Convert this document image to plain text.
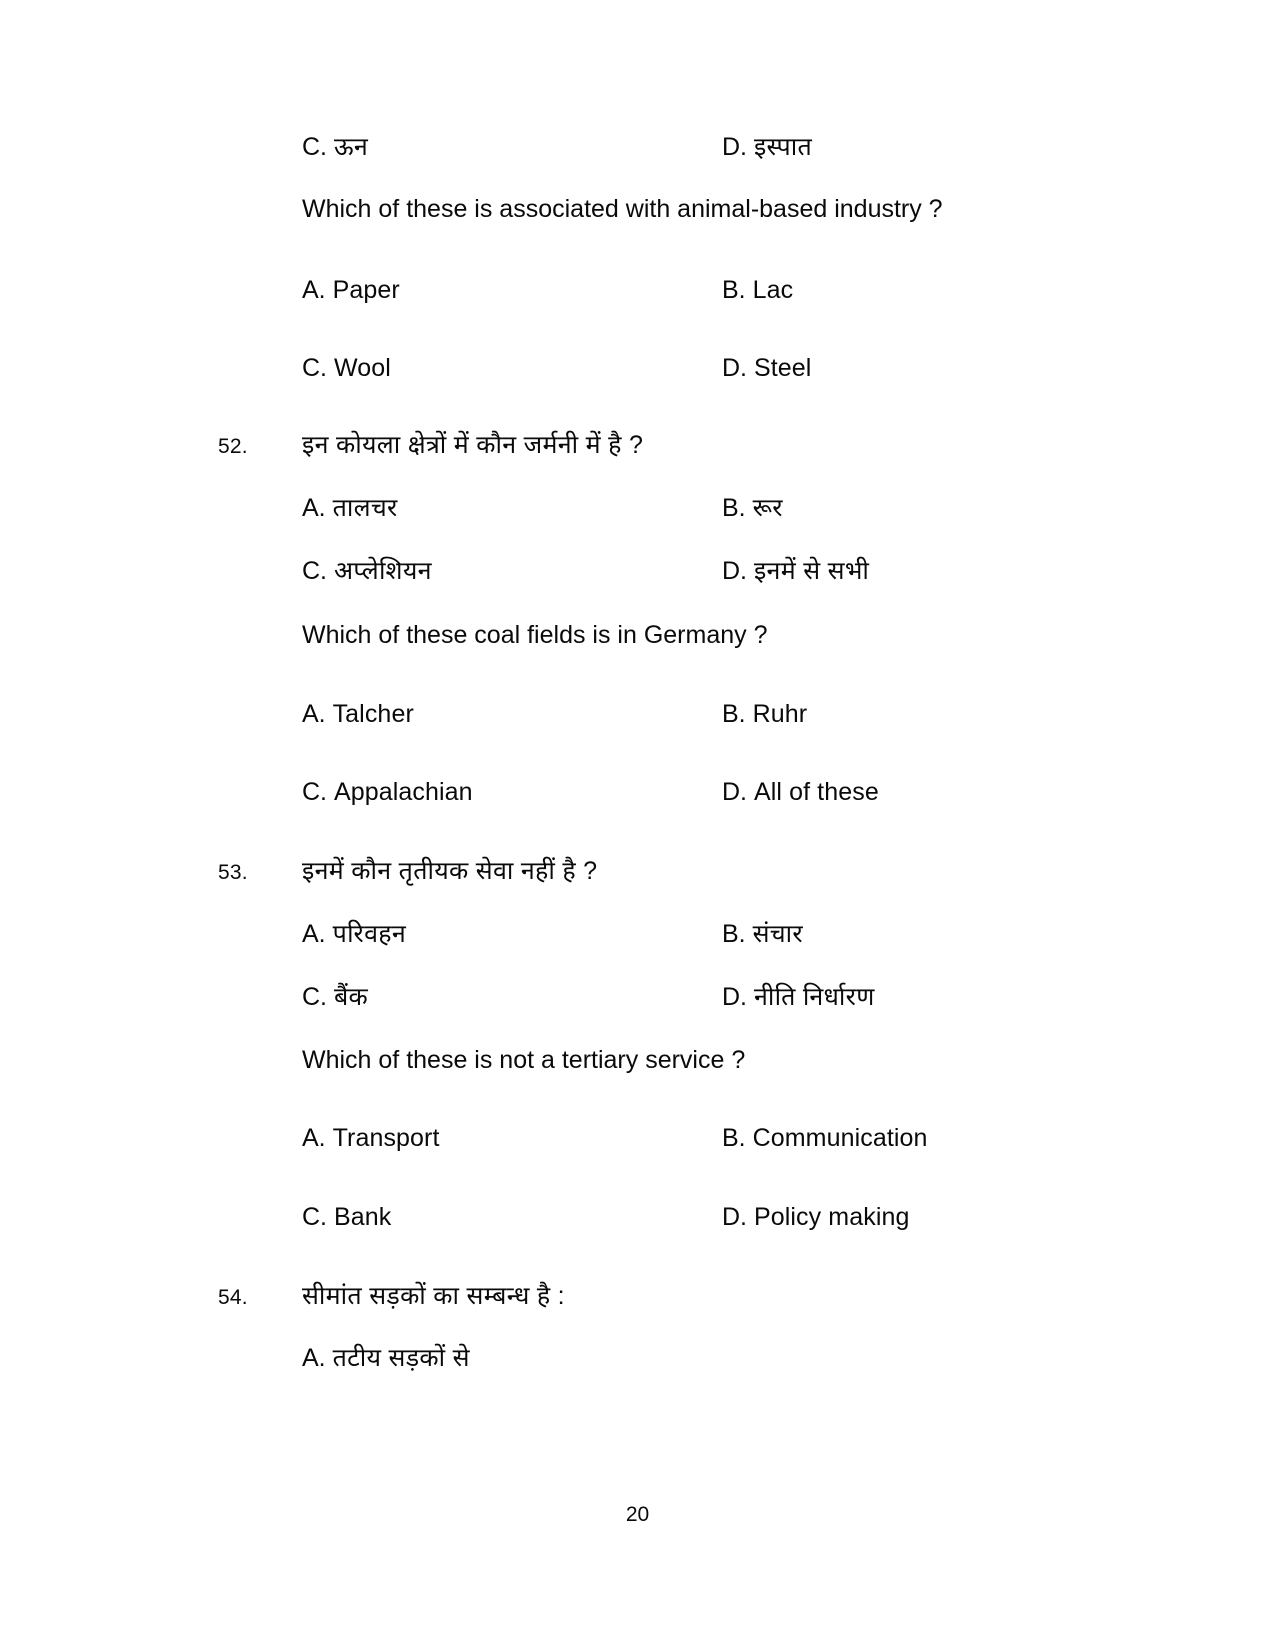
C. ऊन	D. इस्पात
Which of these is associated with animal-based industry ?
A. Paper	B. Lac
C. Wool	D. Steel
52.	इन कोयला क्षेत्रों में कौन जर्मनी में है ?
A. तालचर	B. रूर
C. अप्लेशियन	D. इनमें से सभी
Which of these coal fields is in Germany ?
A. Talcher	B. Ruhr
C. Appalachian	D. All of these
53.	इनमें कौन तृतीयक सेवा नहीं है ?
A. परिवहन	B. संचार
C. बैंक	D. नीति निर्धारण
Which of these is not a tertiary service ?
A. Transport	B. Communication
C. Bank	D. Policy making
54.	सीमांत सड़कों का सम्बन्ध है :
A. तटीय सड़कों से
20
